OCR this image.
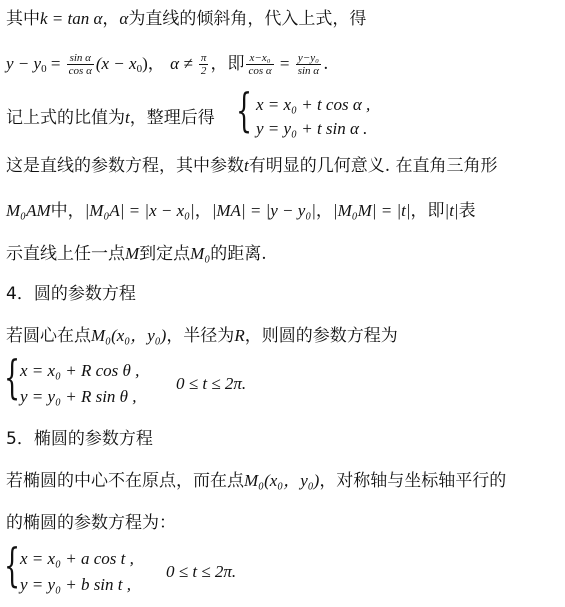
其中k = tan α，α为直线的倾斜角，代入上式，得
$y - y_0 = \frac{\text{sin α}}{\text{cos α}} (x - x_0)$， $\alpha \ne \frac{\pi}{2}$ ，即 $\frac{\text{x−x₀}}{\text{cos α}} = \frac{\text{y−y₀}}{\text{sin α}}$ .
记上式的比值为t，整理后得 { x = x₀ + t cos α ,
y = y₀ + t sin α .
这是直线的参数方程，其中参数t有明显的几何意义. 在直角三角形
M₀AM中，|M₀A| = |x − x₀|，|MA| = |y − y₀|，|M₀M| = |t|，即|t|表
示直线上任一点M到定点M₀的距离.
4．圆的参数方程
若圆心在点M₀(x₀，y₀)，半径为R，则圆的参数方程为
{ x = x₀ + R cos θ ,
y = y₀ + R sin θ ,
0 ≤ t ≤ 2π.
5．椭圆的参数方程
若椭圆的中心不在原点，而在点M₀(x₀，y₀)，对称轴与坐标轴平行的
的椭圆的参数方程为：
{ x = x₀ + a cos t ,
y = y₀ + b sin t ,
0 ≤ t ≤ 2π.
